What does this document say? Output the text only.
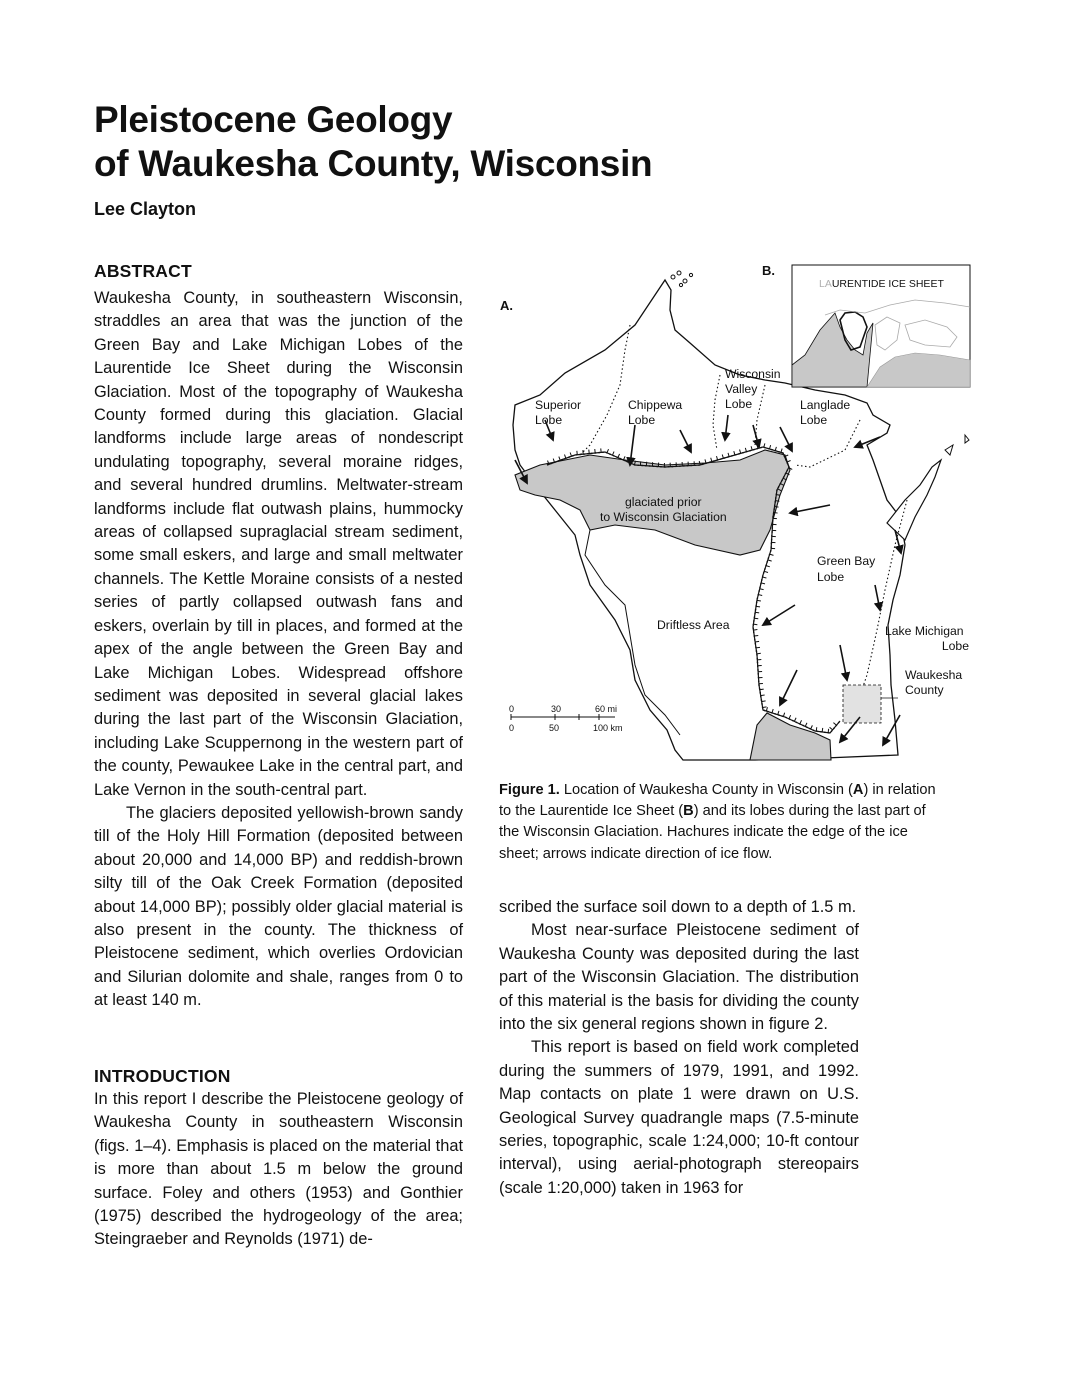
Pleistocene Geology
of Waukesha County, Wisconsin
Lee Clayton
ABSTRACT

Waukesha County, in southeastern Wisconsin, straddles an area that was the junction of the Green Bay and Lake Michigan Lobes of the Laurentide Ice Sheet during the Wisconsin Glaciation. Most of the topography of Waukesha County formed during this glaciation. Glacial landforms include large areas of nondescript undulating topography, several moraine ridges, and several hundred drumlins. Meltwater-stream landforms include flat outwash plains, hummocky areas of collapsed supraglacial stream sediment, some small eskers, and large and small meltwater channels. The Kettle Moraine consists of a nested series of partly collapsed outwash fans and eskers, overlain by till in places, and formed at the apex of the angle between the Green Bay and Lake Michigan Lobes. Widespread offshore sediment was deposited in several glacial lakes during the last part of the Wisconsin Glaciation, including Lake Scuppernong in the western part of the county, Pewaukee Lake in the central part, and Lake Vernon in the south-central part.

The glaciers deposited yellowish-brown sandy till of the Holy Hill Formation (deposited between about 20,000 and 14,000 BP) and reddish-brown silty till of the Oak Creek Formation (deposited about 14,000 BP); possibly older glacial material is also present in the county. The thickness of Pleistocene sediment, which overlies Ordovician and Silurian dolomite and shale, ranges from 0 to at least 140 m.

INTRODUCTION

In this report I describe the Pleistocene geology of Waukesha County in southeastern Wisconsin (figs. 1–4). Emphasis is placed on the material that is more than about 1.5 m below the ground surface. Foley and others (1953) and Gonthier (1975) described the hydrogeology of the area; Steingraeber and Reynolds (1971) de-

scribed the surface soil down to a depth of 1.5 m.

Most near-surface Pleistocene sediment of Waukesha County was deposited during the last part of the Wisconsin Glaciation. The distribution of this material is the basis for dividing the county into the six general regions shown in figure 2.

This report is based on field work completed during the summers of 1979, 1991, and 1992. Map contacts on plate 1 were drawn on U.S. Geological Survey quadrangle maps (7.5-minute series, topographic, scale 1:24,000; 10-ft contour interval), using aerial-photograph stereopairs (scale 1:20,000) taken in 1963 for

LAURENTIDE ICE SHEET
A.
B.
Superior
Lobe
Chippewa
Lobe
Wisconsin
Valley
Lobe	Langlade
Lobe
glaciated prior
to Wisconsin Glaciation
Green Bay
Lobe
Driftless Area	Lake Michigan
Lobe
Waukesha
County
0	30	60 mi
0	50	100 km

Figure 1. Location of Waukesha County in Wisconsin (A) in relation to the Laurentide Ice Sheet (B) and its lobes during the last part of the Wisconsin Glaciation. Hachures indicate the edge of the ice sheet; arrows indicate direction of ice flow.
